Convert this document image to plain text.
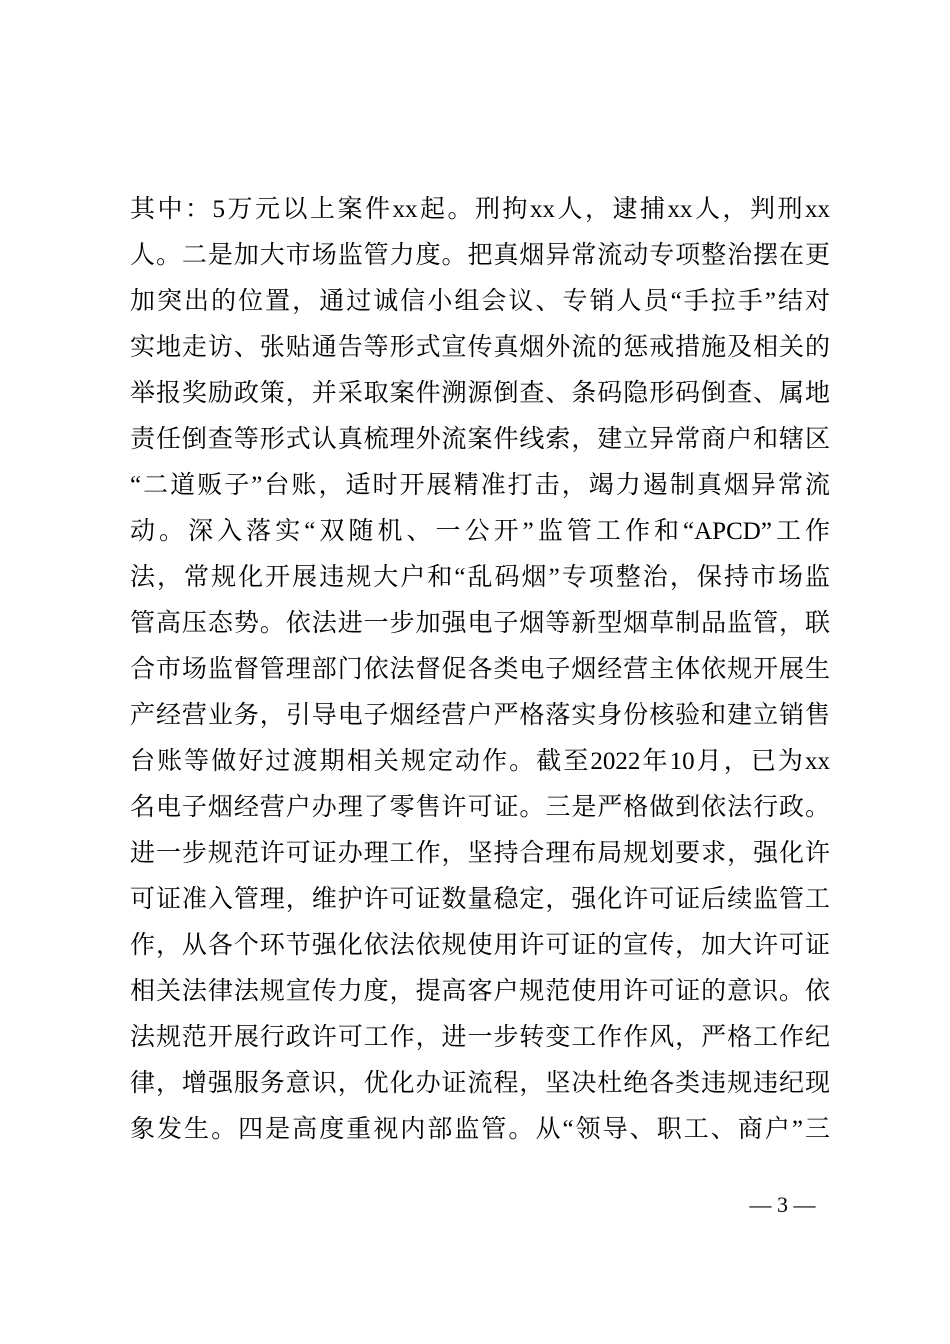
其中：5万元以上案件xx起。刑拘xx人，逮捕xx人，判刑xx
人。二是加大市场监管力度。把真烟异常流动专项整治摆在更
加突出的位置，通过诚信小组会议、专销人员“手拉手”结对
实地走访、张贴通告等形式宣传真烟外流的惩戒措施及相关的
举报奖励政策，并采取案件溯源倒查、条码隐形码倒查、属地
责任倒查等形式认真梳理外流案件线索，建立异常商户和辖区
“二道贩子”台账，适时开展精准打击，竭力遏制真烟异常流
动。深入落实“双随机、一公开”监管工作和“APCD”工作
法，常规化开展违规大户和“乱码烟”专项整治，保持市场监
管高压态势。依法进一步加强电子烟等新型烟草制品监管，联
合市场监督管理部门依法督促各类电子烟经营主体依规开展生
产经营业务，引导电子烟经营户严格落实身份核验和建立销售
台账等做好过渡期相关规定动作。截至2022年10月，已为xx
名电子烟经营户办理了零售许可证。三是严格做到依法行政。
进一步规范许可证办理工作，坚持合理布局规划要求，强化许
可证准入管理，维护许可证数量稳定，强化许可证后续监管工
作，从各个环节强化依法依规使用许可证的宣传，加大许可证
相关法律法规宣传力度，提高客户规范使用许可证的意识。依
法规范开展行政许可工作，进一步转变工作作风，严格工作纪
律，增强服务意识，优化办证流程，坚决杜绝各类违规违纪现
象发生。四是高度重视内部监管。从“领导、职工、商户”三
— 3 —
